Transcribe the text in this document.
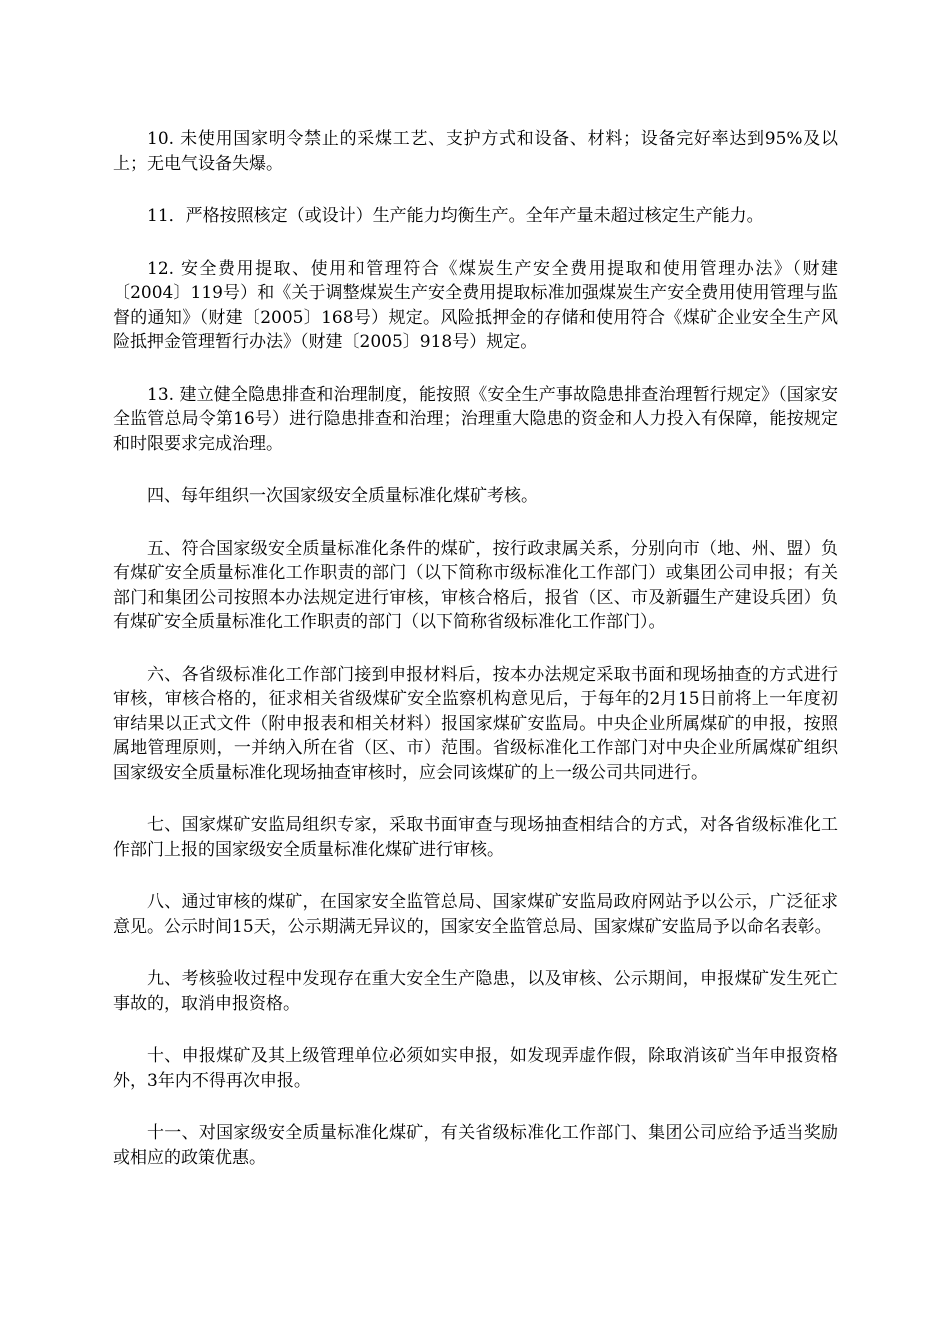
10. 未使用国家明令禁止的采煤工艺、支护方式和设备、材料；设备完好率达到95%及以上；无电气设备失爆。

11．严格按照核定（或设计）生产能力均衡生产。全年产量未超过核定生产能力。

12. 安全费用提取、使用和管理符合《煤炭生产安全费用提取和使用管理办法》（财建〔2004〕119号）和《关于调整煤炭生产安全费用提取标准加强煤炭生产安全费用使用管理与监督的通知》（财建〔2005〕168号）规定。风险抵押金的存储和使用符合《煤矿企业安全生产风险抵押金管理暂行办法》（财建〔2005〕918号）规定。

13. 建立健全隐患排查和治理制度，能按照《安全生产事故隐患排查治理暂行规定》（国家安全监管总局令第16号）进行隐患排查和治理；治理重大隐患的资金和人力投入有保障，能按规定和时限要求完成治理。

四、每年组织一次国家级安全质量标准化煤矿考核。

五、符合国家级安全质量标准化条件的煤矿，按行政隶属关系，分别向市（地、州、盟）负有煤矿安全质量标准化工作职责的部门（以下简称市级标准化工作部门）或集团公司申报；有关部门和集团公司按照本办法规定进行审核，审核合格后，报省（区、市及新疆生产建设兵团）负有煤矿安全质量标准化工作职责的部门（以下简称省级标准化工作部门）。

六、各省级标准化工作部门接到申报材料后，按本办法规定采取书面和现场抽查的方式进行审核，审核合格的，征求相关省级煤矿安全监察机构意见后，于每年的2月15日前将上一年度初审结果以正式文件（附申报表和相关材料）报国家煤矿安监局。中央企业所属煤矿的申报，按照属地管理原则，一并纳入所在省（区、市）范围。省级标准化工作部门对中央企业所属煤矿组织国家级安全质量标准化现场抽查审核时，应会同该煤矿的上一级公司共同进行。

七、国家煤矿安监局组织专家，采取书面审查与现场抽查相结合的方式，对各省级标准化工作部门上报的国家级安全质量标准化煤矿进行审核。

八、通过审核的煤矿，在国家安全监管总局、国家煤矿安监局政府网站予以公示，广泛征求意见。公示时间15天，公示期满无异议的，国家安全监管总局、国家煤矿安监局予以命名表彰。

九、考核验收过程中发现存在重大安全生产隐患，以及审核、公示期间，申报煤矿发生死亡事故的，取消申报资格。

十、申报煤矿及其上级管理单位必须如实申报，如发现弄虚作假，除取消该矿当年申报资格外，3年内不得再次申报。

十一、对国家级安全质量标准化煤矿，有关省级标准化工作部门、集团公司应给予适当奖励或相应的政策优惠。
